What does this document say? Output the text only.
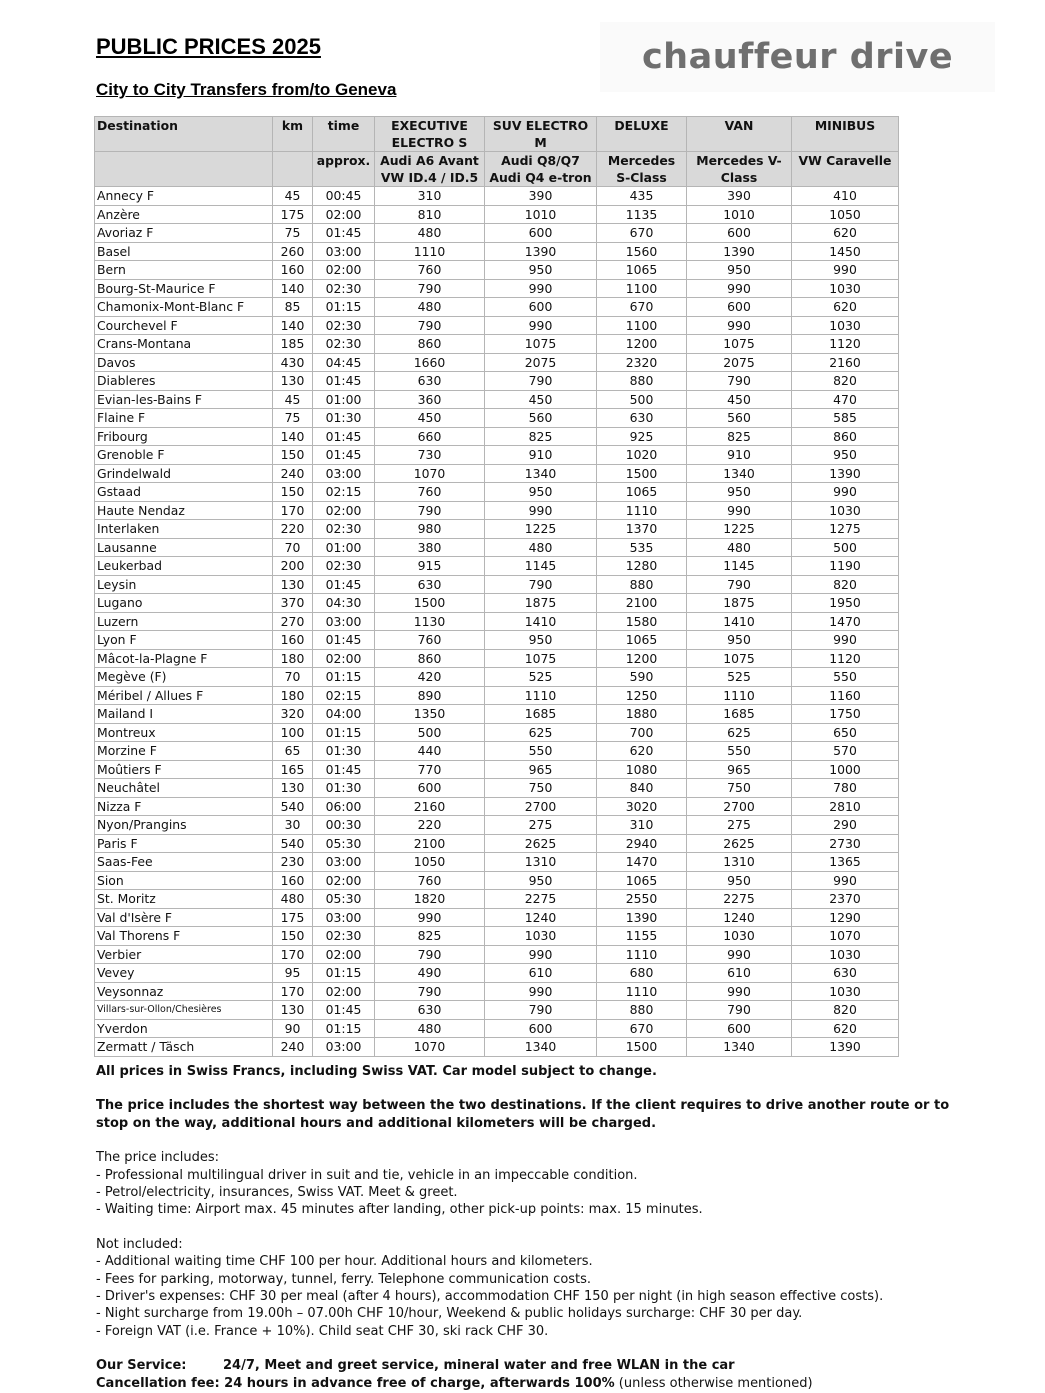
PUBLIC PRICES 2025	chauffeur drive
City to City Transfers from/to Geneva
Destination	km	time	EXECUTIVE ELECTRO S	SUV ELECTRO M	DELUXE	VAN	MINIBUS
		approx.	Audi A6 Avant VW ID.4 / ID.5	Audi Q8/Q7 Audi Q4 e-tron	Mercedes S-Class	Mercedes V-Class	VW Caravelle
Annecy F	45	00:45	310	390	435	390	410
Anzère	175	02:00	810	1010	1135	1010	1050
Avoriaz F	75	01:45	480	600	670	600	620
Basel	260	03:00	1110	1390	1560	1390	1450
Bern	160	02:00	760	950	1065	950	990
Bourg-St-Maurice F	140	02:30	790	990	1100	990	1030
Chamonix-Mont-Blanc F	85	01:15	480	600	670	600	620
Courchevel F	140	02:30	790	990	1100	990	1030
Crans-Montana	185	02:30	860	1075	1200	1075	1120
Davos	430	04:45	1660	2075	2320	2075	2160
Diableres	130	01:45	630	790	880	790	820
Evian-les-Bains F	45	01:00	360	450	500	450	470
Flaine F	75	01:30	450	560	630	560	585
Fribourg	140	01:45	660	825	925	825	860
Grenoble F	150	01:45	730	910	1020	910	950
Grindelwald	240	03:00	1070	1340	1500	1340	1390
Gstaad	150	02:15	760	950	1065	950	990
Haute Nendaz	170	02:00	790	990	1110	990	1030
Interlaken	220	02:30	980	1225	1370	1225	1275
Lausanne	70	01:00	380	480	535	480	500
Leukerbad	200	02:30	915	1145	1280	1145	1190
Leysin	130	01:45	630	790	880	790	820
Lugano	370	04:30	1500	1875	2100	1875	1950
Luzern	270	03:00	1130	1410	1580	1410	1470
Lyon F	160	01:45	760	950	1065	950	990
Mâcot-la-Plagne F	180	02:00	860	1075	1200	1075	1120
Megève (F)	70	01:15	420	525	590	525	550
Méribel / Allues F	180	02:15	890	1110	1250	1110	1160
Mailand I	320	04:00	1350	1685	1880	1685	1750
Montreux	100	01:15	500	625	700	625	650
Morzine F	65	01:30	440	550	620	550	570
Moûtiers F	165	01:45	770	965	1080	965	1000
Neuchâtel	130	01:30	600	750	840	750	780
Nizza F	540	06:00	2160	2700	3020	2700	2810
Nyon/Prangins	30	00:30	220	275	310	275	290
Paris F	540	05:30	2100	2625	2940	2625	2730
Saas-Fee	230	03:00	1050	1310	1470	1310	1365
Sion	160	02:00	760	950	1065	950	990
St. Moritz	480	05:30	1820	2275	2550	2275	2370
Val d'Isère F	175	03:00	990	1240	1390	1240	1290
Val Thorens F	150	02:30	825	1030	1155	1030	1070
Verbier	170	02:00	790	990	1110	990	1030
Vevey	95	01:15	490	610	680	610	630
Veysonnaz	170	02:00	790	990	1110	990	1030
Villars-sur-Ollon/Chesières	130	01:45	630	790	880	790	820
Yverdon	90	01:15	480	600	670	600	620
Zermatt / Täsch	240	03:00	1070	1340	1500	1340	1390

All prices in Swiss Francs, including Swiss VAT. Car model subject to change.

The price includes the shortest way between the two destinations. If the client requires to drive another route or to stop on the way, additional hours and additional kilometers will be charged.

The price includes:

- Professional multilingual driver in suit and tie, vehicle in an impeccable condition.

- Petrol/electricity, insurances, Swiss VAT. Meet & greet.

- Waiting time: Airport max. 45 minutes after landing, other pick-up points: max. 15 minutes.

Not included:

- Additional waiting time CHF 100 per hour. Additional hours and kilometers.

- Fees for parking, motorway, tunnel, ferry. Telephone communication costs.

- Driver's expenses: CHF 30 per meal (after 4 hours), accommodation CHF 150 per night (in high season effective costs).

- Night surcharge from 19.00h – 07.00h CHF 10/hour, Weekend & public holidays surcharge: CHF 30 per day.

- Foreign VAT (i.e. France + 10%). Child seat CHF 30, ski rack CHF 30.

Our Service:	24/7, Meet and greet service, mineral water and free WLAN in the car

Cancellation fee: 24 hours in advance free of charge, afterwards 100% (unless otherwise mentioned)
